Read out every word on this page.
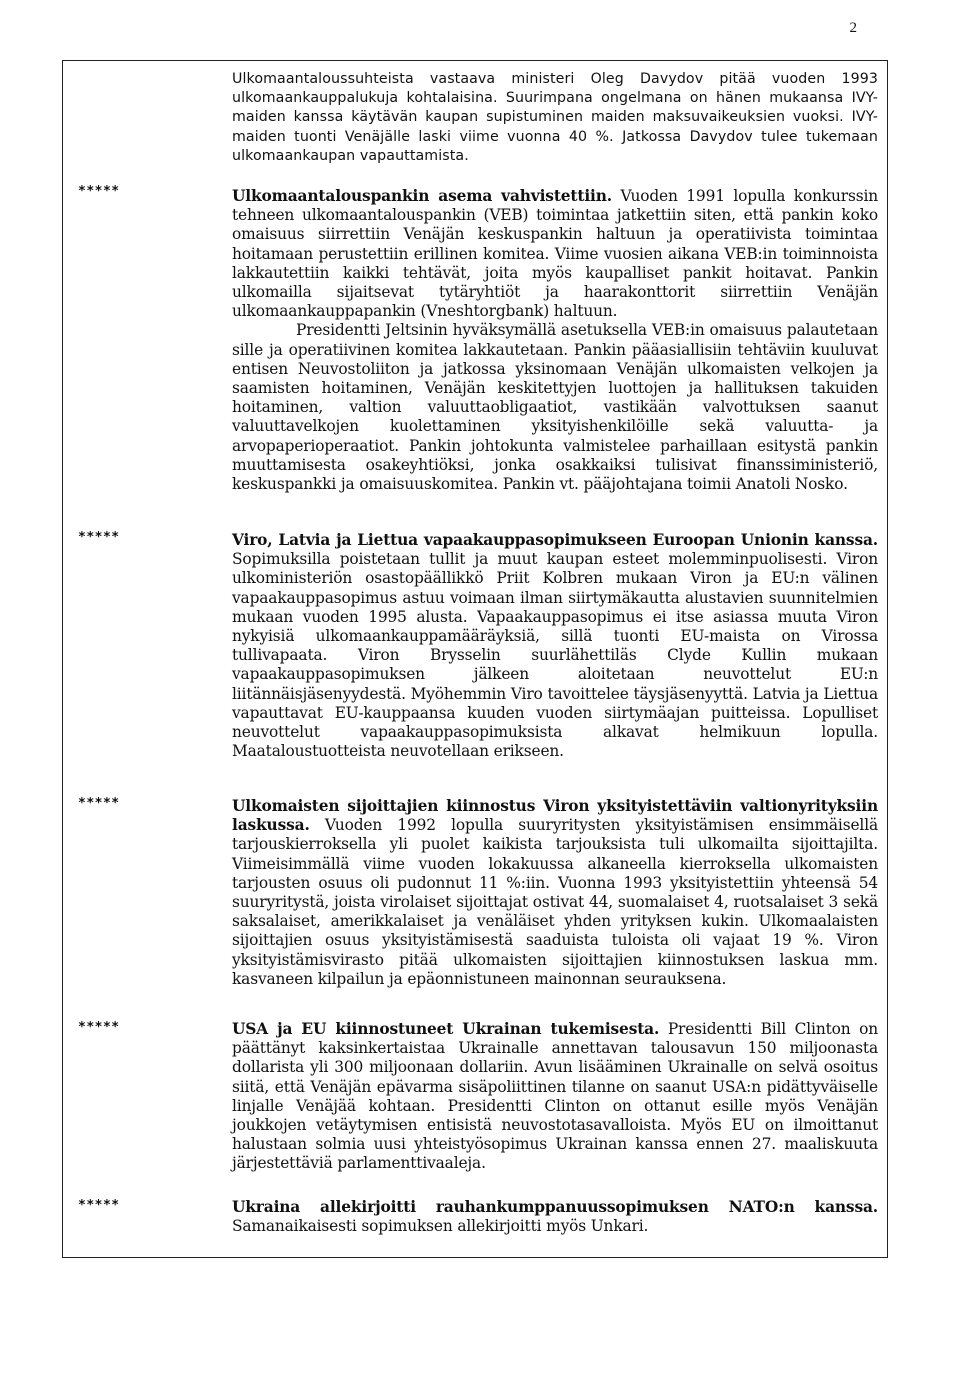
2
Ulkomaantaloussuhteista vastaava ministeri Oleg Davydov pitää vuoden 1993 ulkomaankauppalukuja kohtalaisina. Suurimpana ongelmana on hänen mukaansa IVY-maiden kanssa käytävän kaupan supistuminen maiden maksuvaikeuksien vuoksi. IVY-maiden tuonti Venäjälle laski viime vuonna 40 %. Jatkossa Davydov tulee tukemaan ulkomaankaupan vapauttamista.
*****	Ulkomaantalouspankin asema vahvistettiin. Vuoden 1991 lopulla konkurssin tehneen ulkomaantalouspankin (VEB) toimintaa jatkettiin siten, että pankin koko omaisuus siirrettiin Venäjän keskuspankin haltuun ja operatiivista toimintaa hoitamaan perustettiin erillinen komitea. Viime vuosien aikana VEB:in toiminnoista lakkautettiin kaikki tehtävät, joita myös kaupalliset pankit hoitavat. Pankin ulkomailla sijaitsevat tytäryhtiöt ja haarakonttorit siirrettiin Venäjän ulkomaankauppapankin (Vneshtorgbank) haltuun.

Presidentti Jeltsinin hyväksymällä asetuksella VEB:in omaisuus palautetaan sille ja operatiivinen komitea lakkautetaan. Pankin pääasiallisiin tehtäviin kuuluvat entisen Neuvostoliiton ja jatkossa yksinomaan Venäjän ulkomaisten velkojen ja saamisten hoitaminen, Venäjän keskitettyjen luottojen ja hallituksen takuiden hoitaminen, valtion valuuttaobligaatiot, vastikään valvottuksen saanut valuuttavelkojen kuolettaminen yksityishenkilöille sekä valuutta- ja arvopaperioperaatiot. Pankin johtokunta valmistelee parhaillaan esitystä pankin muuttamisesta osakeyhtiöksi, jonka osakkaiksi tulisivat finanssiministeriö, keskuspankki ja omaisuuskomitea. Pankin vt. pääjohtajana toimii Anatoli Nosko.

*****	Viro, Latvia ja Liettua vapaakauppasopimukseen Euroopan Unionin kanssa. Sopimuksilla poistetaan tullit ja muut kaupan esteet molemminpuolisesti. Viron ulkoministeriön osastopäällikkö Priit Kolbren mukaan Viron ja EU:n välinen vapaakauppasopimus astuu voimaan ilman siirtymäkautta alustavien suunnitelmien mukaan vuoden 1995 alusta. Vapaakauppasopimus ei itse asiassa muuta Viron nykyisiä ulkomaankauppamääräyksiä, sillä tuonti EU-maista on Virossa tullivapaata. Viron Brysselin suurlähettiläs Clyde Kullin mukaan vapaakauppasopimuksen jälkeen aloitetaan neuvottelut EU:n liitännäisjäsenyydestä. Myöhemmin Viro tavoittelee täysjäsenyyttä. Latvia ja Liettua vapauttavat EU-kauppaansa kuuden vuoden siirtymäajan puitteissa. Lopulliset neuvottelut vapaakauppasopimuksista alkavat helmikuun lopulla. Maataloustuotteista neuvotellaan erikseen.

*****	Ulkomaisten sijoittajien kiinnostus Viron yksityistettäviin valtionyrityksiin laskussa. Vuoden 1992 lopulla suuryritysten yksityistämisen ensimmäisellä tarjouskierroksella yli puolet kaikista tarjouksista tuli ulkomailta sijoittajilta. Viimeisimmällä viime vuoden lokakuussa alkaneella kierroksella ulkomaisten tarjousten osuus oli pudonnut 11 %:iin. Vuonna 1993 yksityistettiin yhteensä 54 suuryritystä, joista virolaiset sijoittajat ostivat 44, suomalaiset 4, ruotsalaiset 3 sekä saksalaiset, amerikkalaiset ja venäläiset yhden yrityksen kukin. Ulkomaalaisten sijoittajien osuus yksityistämisestä saaduista tuloista oli vajaat 19 %. Viron yksityistämisvirasto pitää ulkomaisten sijoittajien kiinnostuksen laskua mm. kasvaneen kilpailun ja epäonnistuneen mainonnan seurauksena.

*****	USA ja EU kiinnostuneet Ukrainan tukemisesta. Presidentti Bill Clinton on päättänyt kaksinkertaistaa Ukrainalle annettavan talousavun 150 miljoonasta dollarista yli 300 miljoonaan dollariin. Avun lisääminen Ukrainalle on selvä osoitus siitä, että Venäjän epävarma sisäpoliittinen tilanne on saanut USA:n pidättyväiselle linjalle Venäjää kohtaan. Presidentti Clinton on ottanut esille myös Venäjän joukkojen vetäytymisen entisistä neuvostotasavalloista. Myös EU on ilmoittanut halustaan solmia uusi yhteistyösopimus Ukrainan kanssa ennen 27. maaliskuuta järjestettäviä parlamenttivaaleja.

*****	Ukraina allekirjoitti rauhankumppanuussopimuksen NATO:n kanssa. Samanaikaisesti sopimuksen allekirjoitti myös Unkari.
